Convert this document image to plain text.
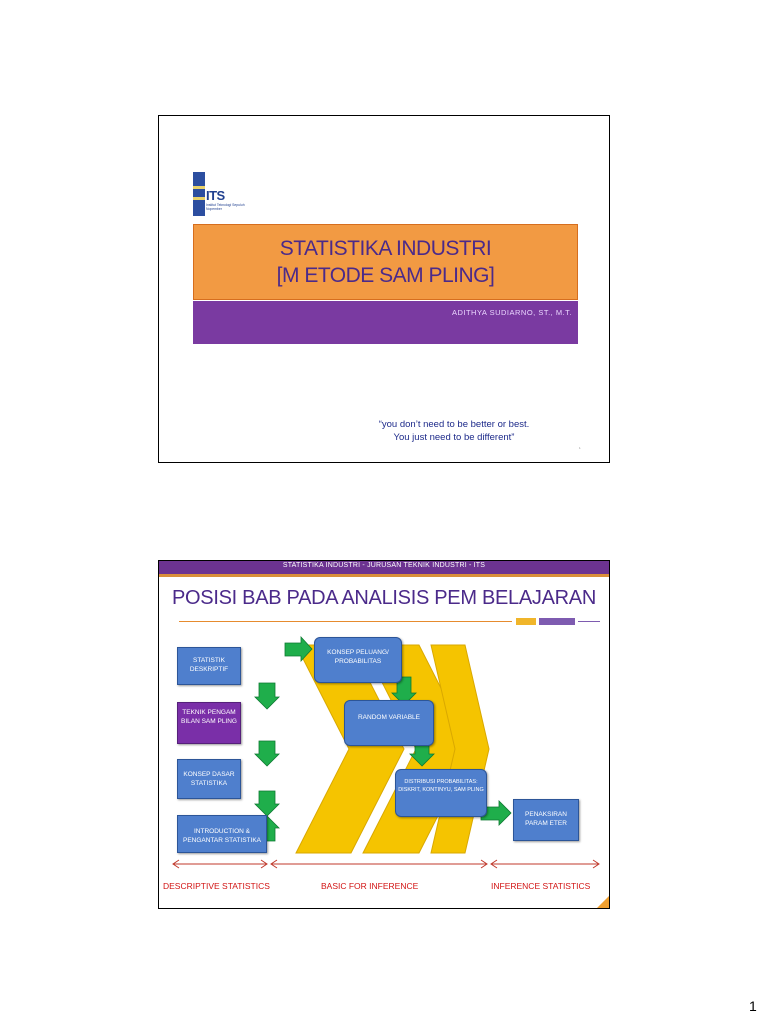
ITS
Institut Teknologi Sepuluh Nopember
STATISTIKA INDUSTRI
[M ETODE SAM PLING]
ADITHYA SUDIARNO, ST., M.T.
“you don’t need to be better or best.
You just need to be different”
1
STATISTIKA INDUSTRI - JURUSAN TEKNIK INDUSTRI - ITS
POSISI BAB PADA ANALISIS PEM BELAJARAN
STATISTIK DESKRIPTIF
TEKNIK PENGAM BILAN SAM PLING
KONSEP DASAR STATISTIKA
INTRODUCTION & PENGANTAR STATISTIKA
KONSEP PELUANG/ PROBABILITAS
RANDOM VARIABLE
DISTRIBUSI PROBABILITAS: DISKRIT, KONTINYU, SAM PLING
PENAKSIRAN PARAM ETER
DESCRIPTIVE STATISTICS	BASIC FOR INFERENCE	INFERENCE STATISTICS
1
